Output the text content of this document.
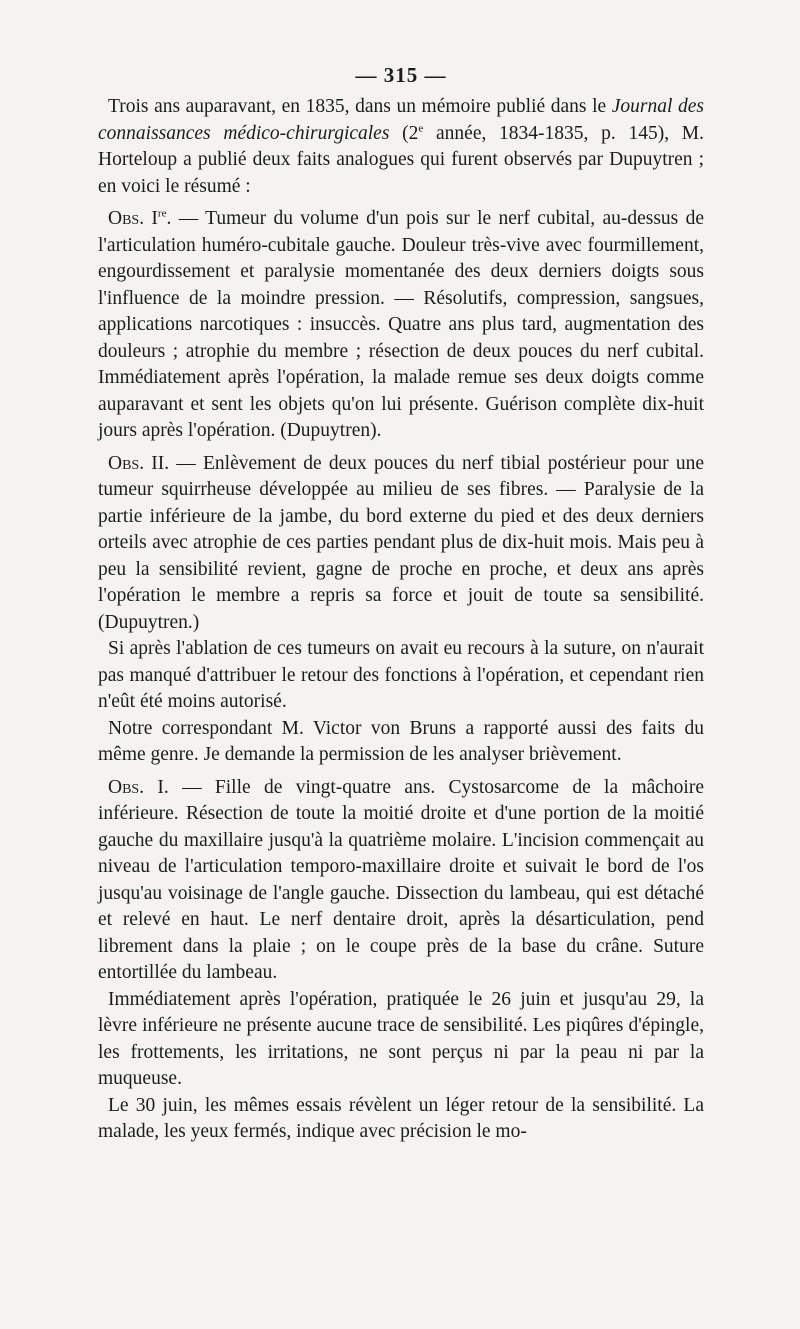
— 315 —

Trois ans auparavant, en 1835, dans un mémoire publié dans le Journal des connaissances médico-chirurgicales (2e année, 1834-1835, p. 145), M. Horteloup a publié deux faits analogues qui furent observés par Dupuytren ; en voici le résumé :

Obs. Ire. — Tumeur du volume d'un pois sur le nerf cubital, au-dessus de l'articulation huméro-cubitale gauche. Douleur très-vive avec fourmillement, engourdissement et paralysie momentanée des deux derniers doigts sous l'influence de la moindre pression. — Résolutifs, compression, sangsues, applications narcotiques : insuccès. Quatre ans plus tard, augmentation des douleurs ; atrophie du membre ; résection de deux pouces du nerf cubital. Immédiatement après l'opération, la malade remue ses deux doigts comme auparavant et sent les objets qu'on lui présente. Guérison complète dix-huit jours après l'opération. (Dupuytren).

Obs. II. — Enlèvement de deux pouces du nerf tibial postérieur pour une tumeur squirrheuse développée au milieu de ses fibres. — Paralysie de la partie inférieure de la jambe, du bord externe du pied et des deux derniers orteils avec atrophie de ces parties pendant plus de dix-huit mois. Mais peu à peu la sensibilité revient, gagne de proche en proche, et deux ans après l'opération le membre a repris sa force et jouit de toute sa sensibilité. (Dupuytren.)

Si après l'ablation de ces tumeurs on avait eu recours à la suture, on n'aurait pas manqué d'attribuer le retour des fonctions à l'opération, et cependant rien n'eût été moins autorisé.

Notre correspondant M. Victor von Bruns a rapporté aussi des faits du même genre. Je demande la permission de les analyser brièvement.

Obs. I. — Fille de vingt-quatre ans. Cystosarcome de la mâchoire inférieure. Résection de toute la moitié droite et d'une portion de la moitié gauche du maxillaire jusqu'à la quatrième molaire. L'incision commençait au niveau de l'articulation temporo-maxillaire droite et suivait le bord de l'os jusqu'au voisinage de l'angle gauche. Dissection du lambeau, qui est détaché et relevé en haut. Le nerf dentaire droit, après la désarticulation, pend librement dans la plaie ; on le coupe près de la base du crâne. Suture entortillée du lambeau.

Immédiatement après l'opération, pratiquée le 26 juin et jusqu'au 29, la lèvre inférieure ne présente aucune trace de sensibilité. Les piqûres d'épingle, les frottements, les irritations, ne sont perçus ni par la peau ni par la muqueuse.

Le 30 juin, les mêmes essais révèlent un léger retour de la sensibilité. La malade, les yeux fermés, indique avec précision le mo-
